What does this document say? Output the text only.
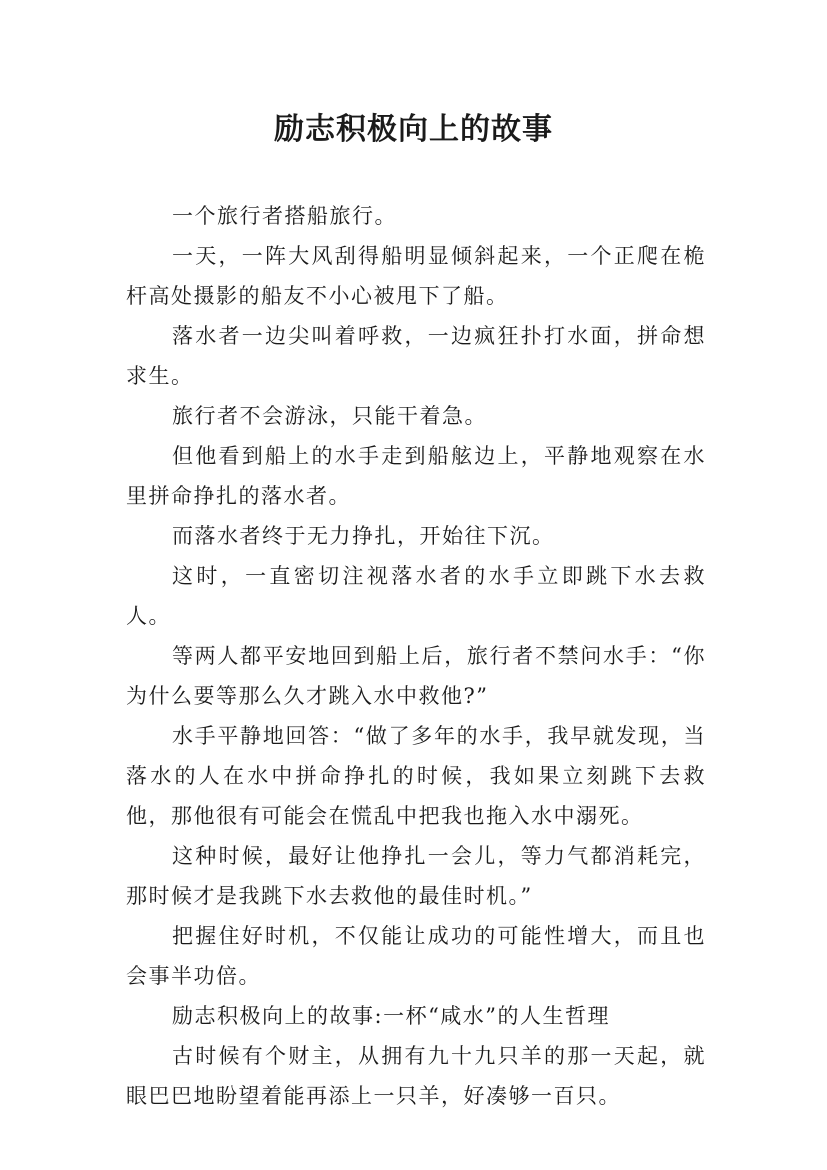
励志积极向上的故事

一个旅行者搭船旅行。

一天，一阵大风刮得船明显倾斜起来，一个正爬在桅杆高处摄影的船友不小心被甩下了船。

落水者一边尖叫着呼救，一边疯狂扑打水面，拼命想求生。

旅行者不会游泳，只能干着急。

但他看到船上的水手走到船舷边上，平静地观察在水里拼命挣扎的落水者。

而落水者终于无力挣扎，开始往下沉。

这时，一直密切注视落水者的水手立即跳下水去救人。

等两人都平安地回到船上后，旅行者不禁问水手：“你为什么要等那么久才跳入水中救他?”

水手平静地回答：“做了多年的水手，我早就发现，当落水的人在水中拼命挣扎的时候，我如果立刻跳下去救他，那他很有可能会在慌乱中把我也拖入水中溺死。

这种时候，最好让他挣扎一会儿，等力气都消耗完，那时候才是我跳下水去救他的最佳时机。”

把握住好时机，不仅能让成功的可能性增大，而且也会事半功倍。

励志积极向上的故事:一杯“咸水”的人生哲理

古时候有个财主，从拥有九十九只羊的那一天起，就眼巴巴地盼望着能再添上一只羊，好凑够一百只。
